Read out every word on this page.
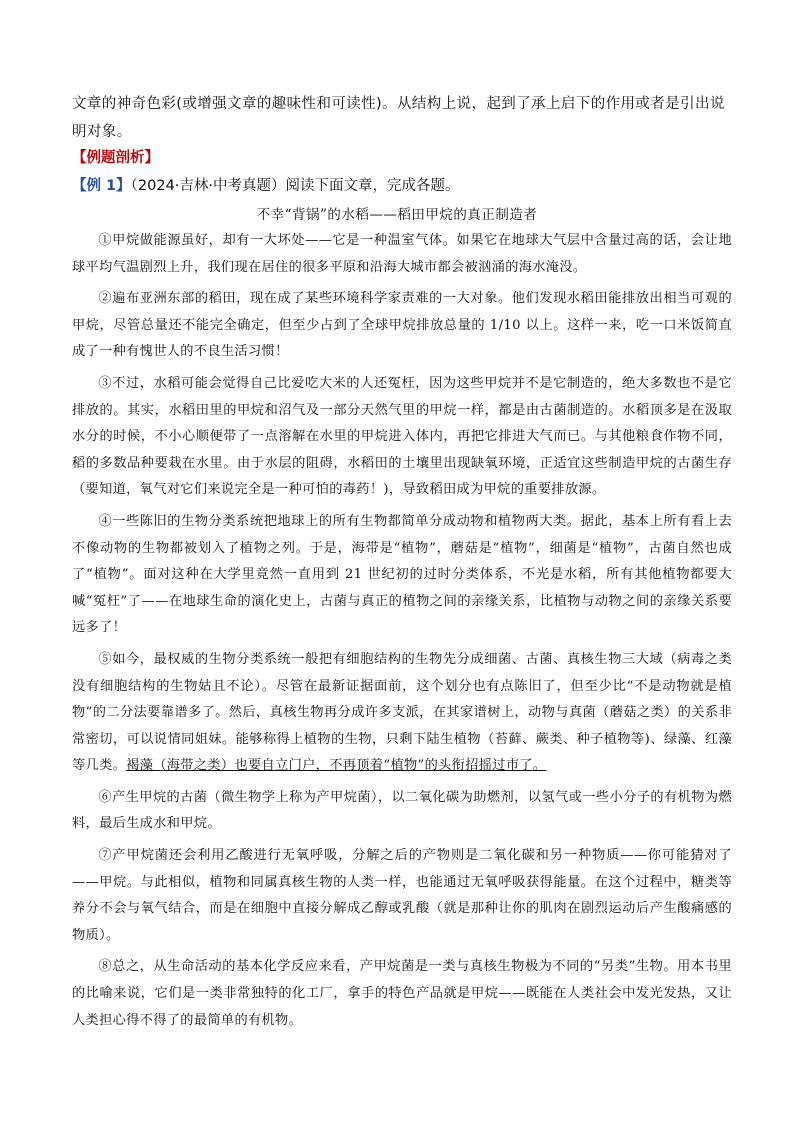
文章的神奇色彩(或增强文章的趣味性和可读性)。从结构上说，起到了承上启下的作用或者是引出说明对象。
【例题剖析】
【例 1】（2024·吉林·中考真题）阅读下面文章，完成各题。
不幸“背锅”的水稻——稻田甲烷的真正制造者

①甲烷做能源虽好，却有一大坏处——它是一种温室气体。如果它在地球大气层中含量过高的话，会让地球平均气温剧烈上升，我们现在居住的很多平原和沿海大城市都会被汹涌的海水淹没。

②遍布亚洲东部的稻田，现在成了某些环境科学家责难的一大对象。他们发现水稻田能排放出相当可观的甲烷，尽管总量还不能完全确定，但至少占到了全球甲烷排放总量的 1/10 以上。这样一来，吃一口米饭简直成了一种有愧世人的不良生活习惯！

③不过，水稻可能会觉得自己比爱吃大米的人还冤枉，因为这些甲烷并不是它制造的，绝大多数也不是它排放的。其实，水稻田里的甲烷和沼气及一部分天然气里的甲烷一样，都是由古菌制造的。水稻顶多是在汲取水分的时候，不小心顺便带了一点溶解在水里的甲烷进入体内，再把它排进大气而已。与其他粮食作物不同，稻的多数品种要栽在水里。由于水层的阻碍，水稻田的土壤里出现缺氧环境，正适宜这些制造甲烷的古菌生存（要知道，氧气对它们来说完全是一种可怕的毒药！)，导致稻田成为甲烷的重要排放源。

④一些陈旧的生物分类系统把地球上的所有生物都简单分成动物和植物两大类。据此，基本上所有看上去不像动物的生物都被划入了植物之列。于是，海带是“植物”，蘑菇是“植物”，细菌是“植物”，古菌自然也成了“植物”。面对这种在大学里竟然一直用到 21 世纪初的过时分类体系，不光是水稻，所有其他植物都要大喊“冤枉”了——在地球生命的演化史上，古菌与真正的植物之间的亲缘关系，比植物与动物之间的亲缘关系要远多了！

⑤如今，最权威的生物分类系统一般把有细胞结构的生物先分成细菌、古菌、真核生物三大域（病毒之类没有细胞结构的生物姑且不论）。尽管在最新证据面前，这个划分也有点陈旧了，但至少比“不是动物就是植物”的二分法要靠谱多了。然后，真核生物再分成许多支派，在其家谱树上，动物与真菌（蘑菇之类）的关系非常密切，可以说情同姐妹。能够称得上植物的生物，只剩下陆生植物（苔藓、蕨类、种子植物等)、绿藻、红藻等几类。褐藻（海带之类）也要自立门户，不再顶着“植物”的头衔招摇过市了。

⑥产生甲烷的古菌（微生物学上称为产甲烷菌），以二氧化碳为助燃剂，以氢气或一些小分子的有机物为燃料，最后生成水和甲烷。

⑦产甲烷菌还会利用乙酸进行无氧呼吸，分解之后的产物则是二氧化碳和另一种物质——你可能猜对了——甲烷。与此相似，植物和同属真核生物的人类一样，也能通过无氧呼吸获得能量。在这个过程中，糖类等养分不会与氧气结合，而是在细胞中直接分解成乙醇或乳酸（就是那种让你的肌肉在剧烈运动后产生酸痛感的物质）。

⑧总之，从生命活动的基本化学反应来看，产甲烷菌是一类与真核生物极为不同的“另类”生物。用本书里的比喻来说，它们是一类非常独特的化工厂，拿手的特色产品就是甲烷——既能在人类社会中发光发热，又让人类担心得不得了的最简单的有机物。
